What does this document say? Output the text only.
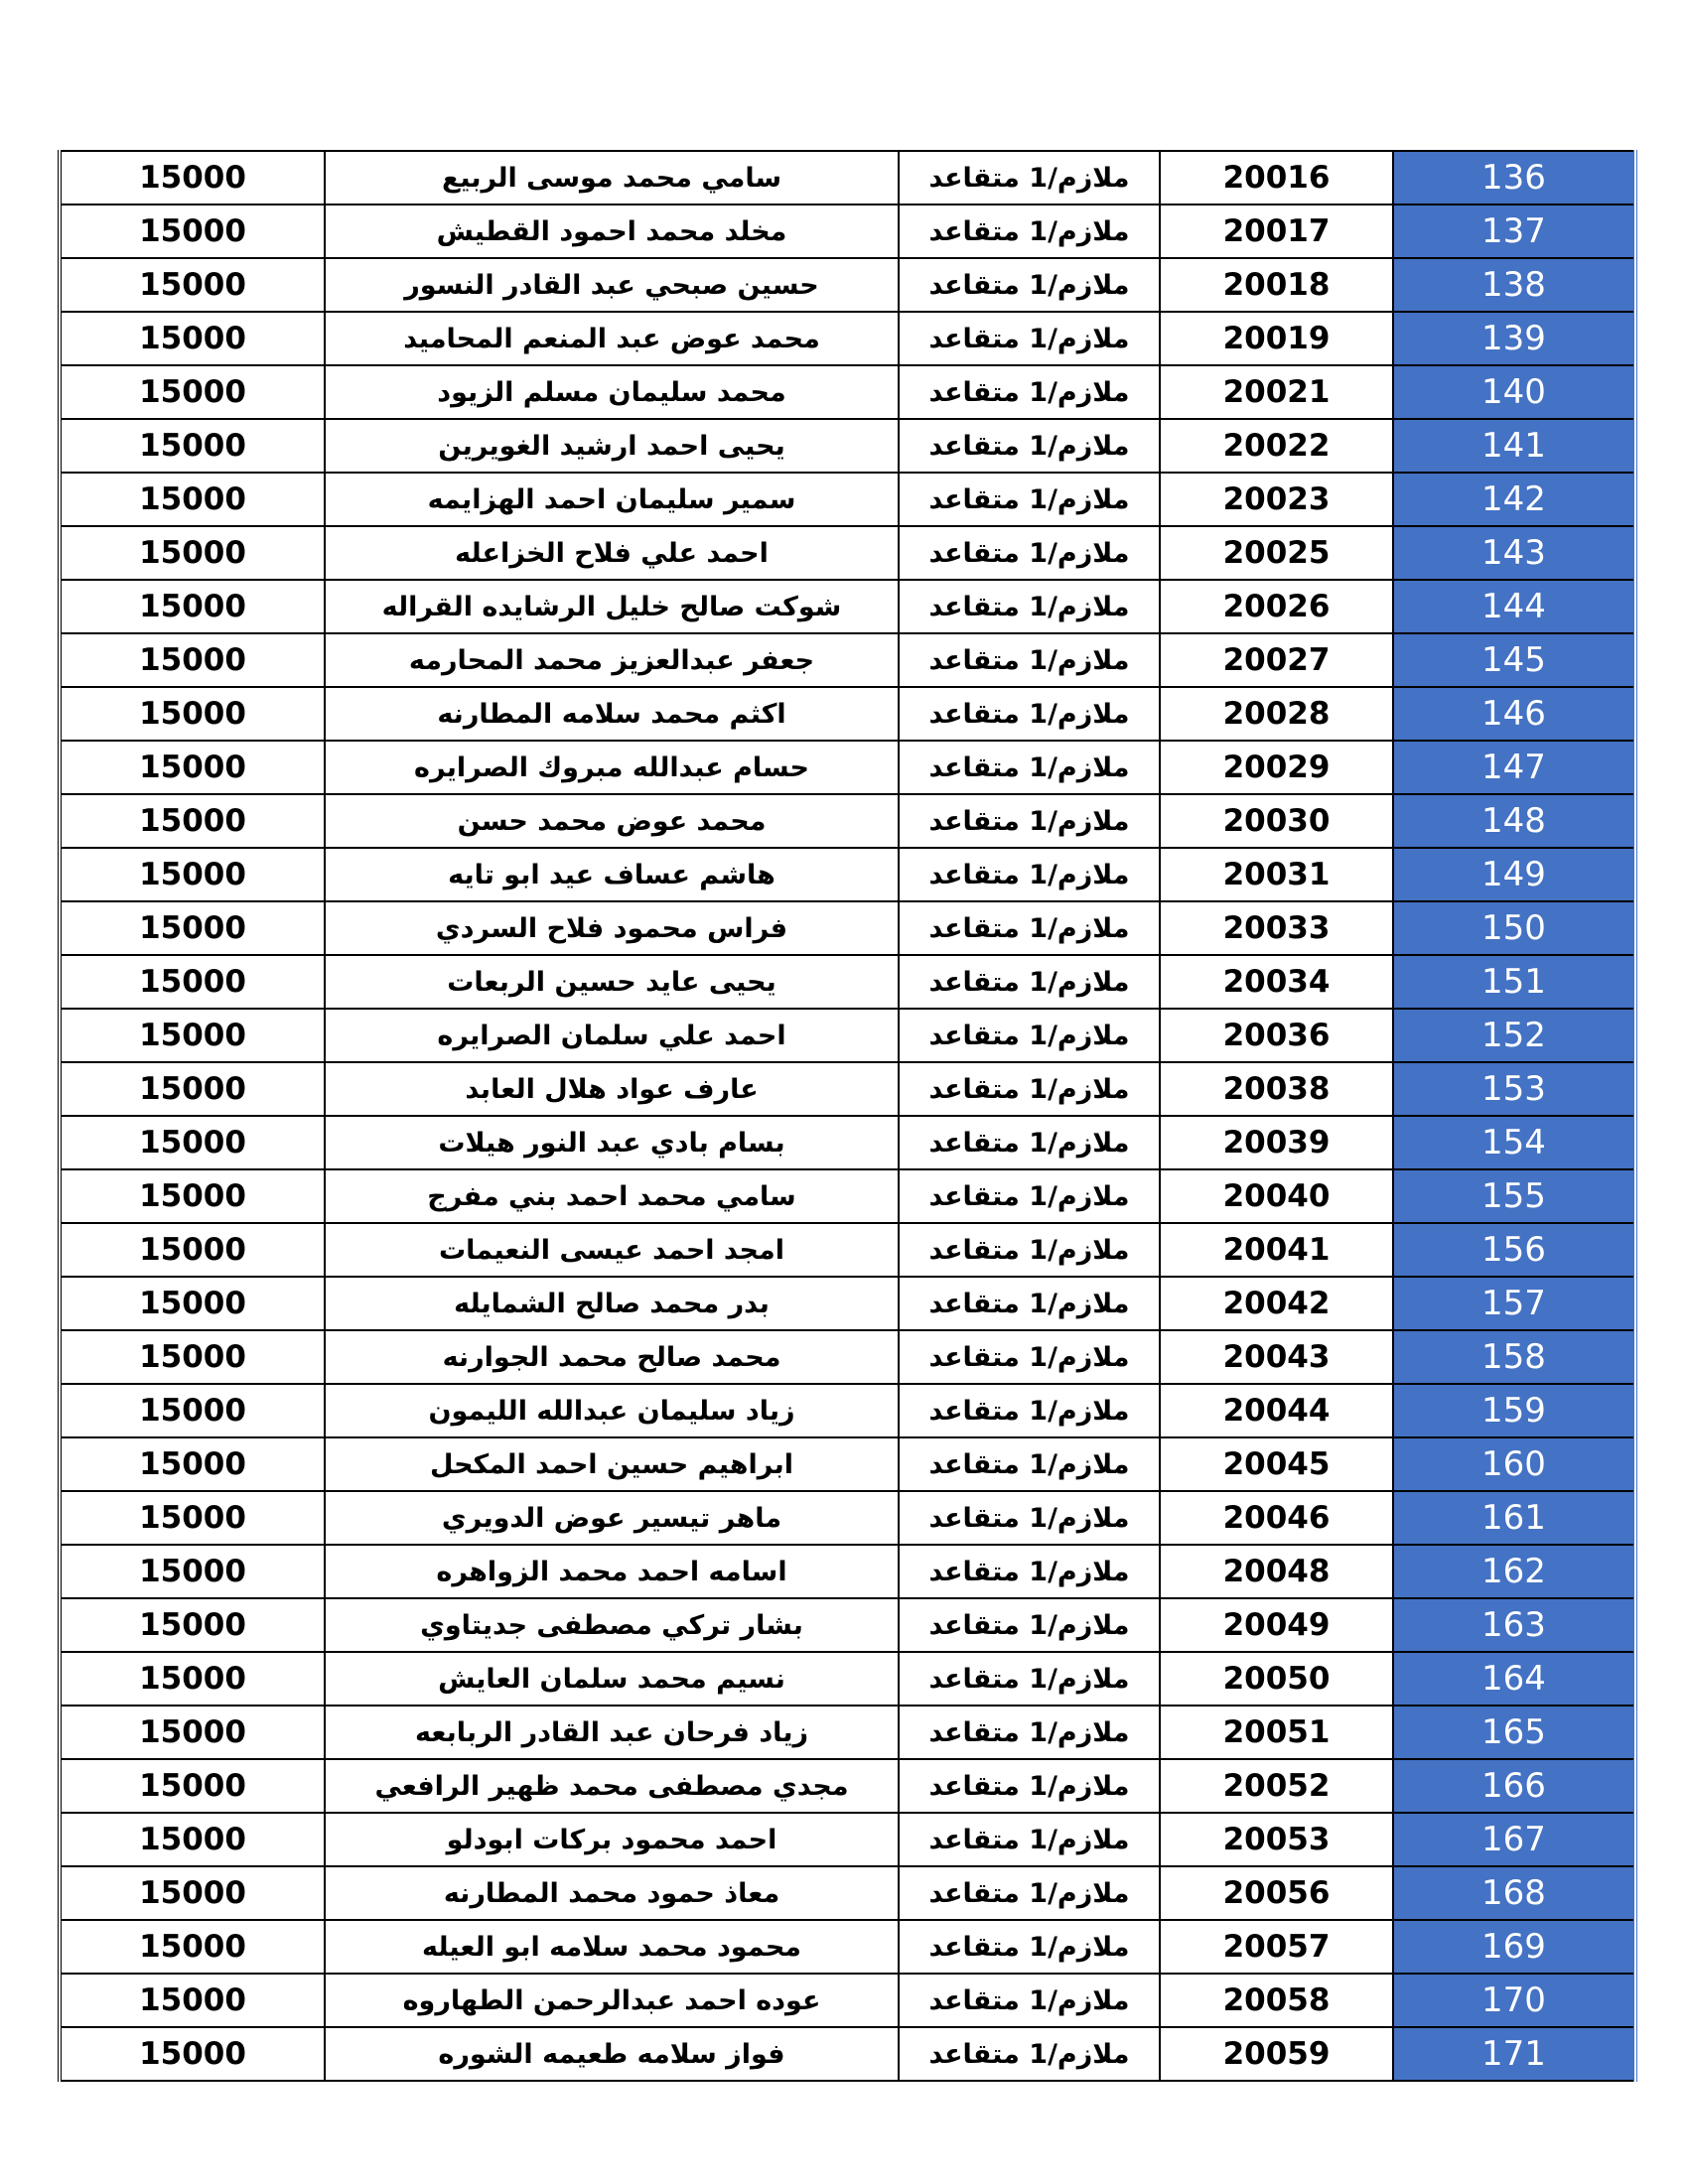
15000	سامي محمد موسى الربيع	ملازم/1 متقاعد	20016	136
15000	مخلد محمد احمود القطيش	ملازم/1 متقاعد	20017	137
15000	حسين صبحي عبد القادر النسور	ملازم/1 متقاعد	20018	138
15000	محمد عوض عبد المنعم المحاميد	ملازم/1 متقاعد	20019	139
15000	محمد سليمان مسلم الزيود	ملازم/1 متقاعد	20021	140
15000	يحيى احمد ارشيد الغويرين	ملازم/1 متقاعد	20022	141
15000	سمير سليمان احمد الهزايمه	ملازم/1 متقاعد	20023	142
15000	احمد علي فلاح الخزاعله	ملازم/1 متقاعد	20025	143
15000	شوكت صالح خليل الرشايده القراله	ملازم/1 متقاعد	20026	144
15000	جعفر عبدالعزيز محمد المحارمه	ملازم/1 متقاعد	20027	145
15000	اكثم محمد سلامه المطارنه	ملازم/1 متقاعد	20028	146
15000	حسام عبدالله مبروك الصرايره	ملازم/1 متقاعد	20029	147
15000	محمد عوض محمد حسن	ملازم/1 متقاعد	20030	148
15000	هاشم عساف عيد ابو تايه	ملازم/1 متقاعد	20031	149
15000	فراس محمود فلاح السردي	ملازم/1 متقاعد	20033	150
15000	يحيى عايد حسين الربعات	ملازم/1 متقاعد	20034	151
15000	احمد علي سلمان الصرايره	ملازم/1 متقاعد	20036	152
15000	عارف عواد هلال العابد	ملازم/1 متقاعد	20038	153
15000	بسام بادي عبد النور هيلات	ملازم/1 متقاعد	20039	154
15000	سامي محمد احمد بني مفرج	ملازم/1 متقاعد	20040	155
15000	امجد احمد عيسى النعيمات	ملازم/1 متقاعد	20041	156
15000	بدر محمد صالح الشمايله	ملازم/1 متقاعد	20042	157
15000	محمد صالح محمد الجوارنه	ملازم/1 متقاعد	20043	158
15000	زياد سليمان عبدالله الليمون	ملازم/1 متقاعد	20044	159
15000	ابراهيم حسين احمد المكحل	ملازم/1 متقاعد	20045	160
15000	ماهر تيسير عوض الدويري	ملازم/1 متقاعد	20046	161
15000	اسامه احمد محمد الزواهره	ملازم/1 متقاعد	20048	162
15000	بشار تركي مصطفى جديتاوي	ملازم/1 متقاعد	20049	163
15000	نسيم محمد سلمان العايش	ملازم/1 متقاعد	20050	164
15000	زياد فرحان عبد القادر الربابعه	ملازم/1 متقاعد	20051	165
15000	مجدي مصطفى محمد ظهير الرافعي	ملازم/1 متقاعد	20052	166
15000	احمد محمود بركات ابودلو	ملازم/1 متقاعد	20053	167
15000	معاذ حمود محمد المطارنه	ملازم/1 متقاعد	20056	168
15000	محمود محمد سلامه ابو العيله	ملازم/1 متقاعد	20057	169
15000	عوده احمد عبدالرحمن الطهاروه	ملازم/1 متقاعد	20058	170
15000	فواز سلامه طعيمه الشوره	ملازم/1 متقاعد	20059	171
